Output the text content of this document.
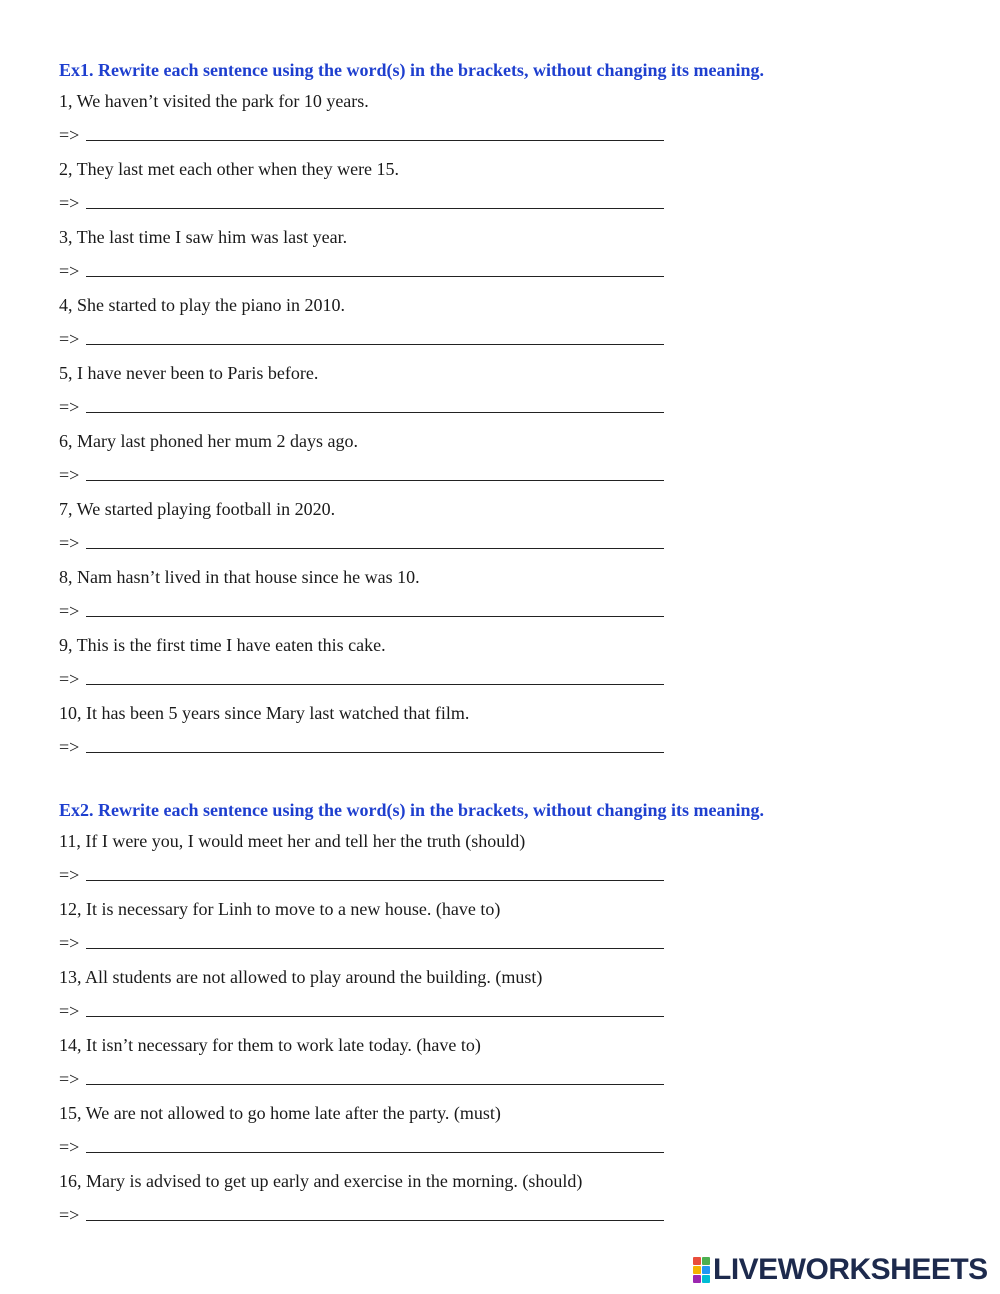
Ex1. Rewrite each sentence using the word(s) in the brackets, without changing its meaning.
1, We haven’t visited the park for 10 years.
=>
2, They last met each other when they were 15.
=>
3, The last time I saw him was last year.
=>
4, She started to play the piano in 2010.
=>
5, I have never been to Paris before.
=>
6, Mary last phoned her mum 2 days ago.
=>
7, We started playing football in 2020.
=>
8, Nam hasn’t lived in that house since he was 10.
=>
9, This is the first time I have eaten this cake.
=>
10, It has been 5 years since Mary last watched that film.
=>
Ex2. Rewrite each sentence using the word(s) in the brackets, without changing its meaning.
11, If I were you, I would meet her and tell her the truth (should)
=>
12, It is necessary for Linh to move to a new house. (have to)
=>
13, All students are not allowed to play around the building. (must)
=>
14, It isn’t necessary for them to work late today. (have to)
=>
15, We are not allowed to go home late after the party. (must)
=>
16, Mary is advised to get up early and exercise in the morning. (should)
=>
LIVEWORKSHEETS
